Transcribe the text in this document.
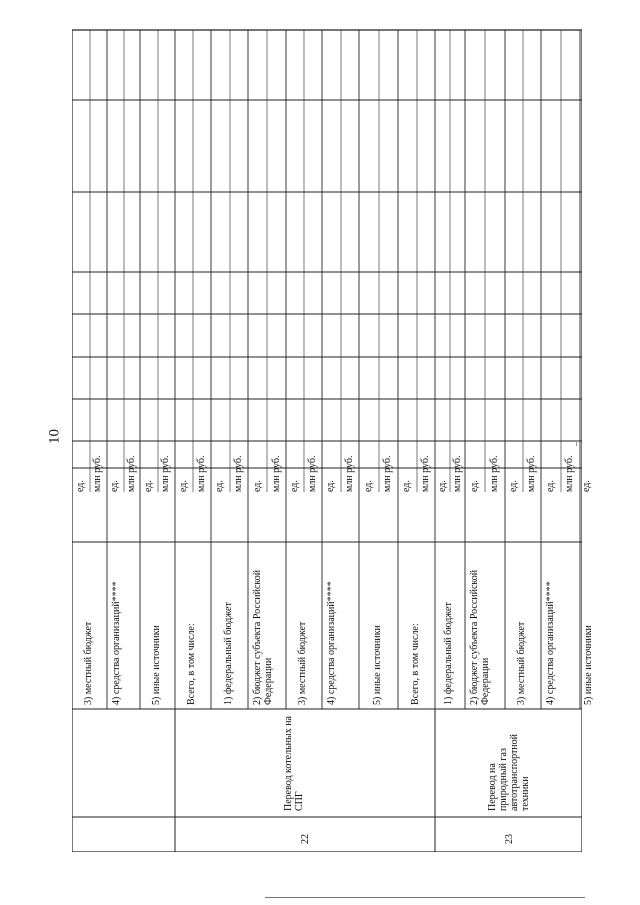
10
3) местный бюджет
ед. млн руб.
4) средства организаций****
ед. млн руб.
5) иные источники
ед. млн руб.
Всего, в том числе:
ед. млн руб.
Перевод котельных на СПГ
22
1) федеральный бюджет
ед. млн руб.
2) бюджет субъекта Российской Федерации
ед. млн руб.
3) местный бюджет
ед. млн руб.
4) средства организаций****
ед. млн руб.
5) иные источники
ед. млн руб.
Всего, в том числе:
ед. млн руб.
Перевод на природный газ автотранспортной техники
23
1) федеральный бюджет
ед. млн руб.
2) бюджет субъекта Российской Федерации
ед. млн руб.
3) местный бюджет
ед. млн руб.
4) средства организаций****
ед. млн руб.
5) иные источники
ед.
